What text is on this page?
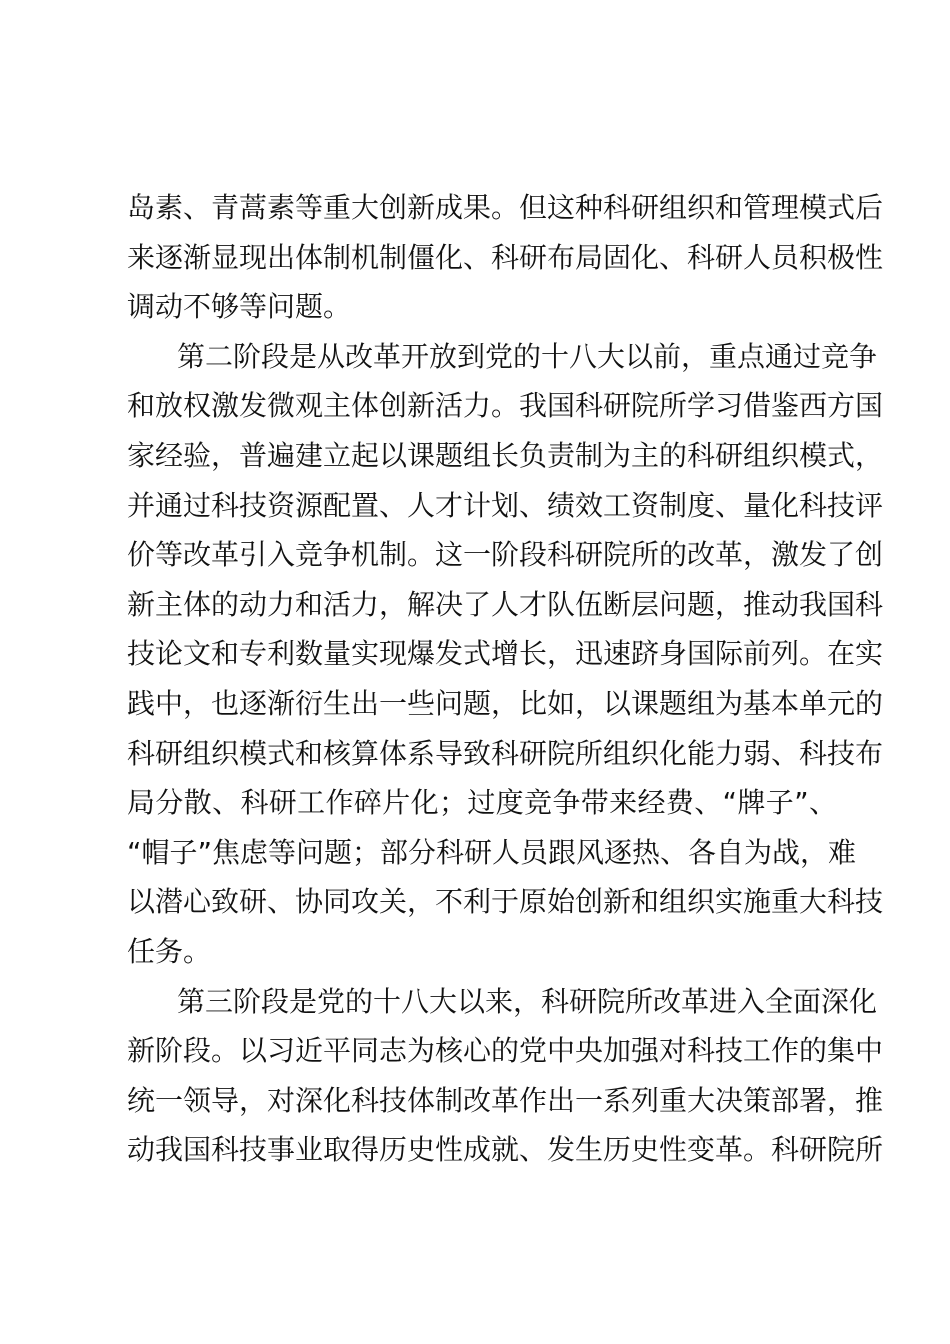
岛素、青蒿素等重大创新成果。但这种科研组织和管理模式后
来逐渐显现出体制机制僵化、科研布局固化、科研人员积极性
调动不够等问题。
第二阶段是从改革开放到党的十八大以前，重点通过竞争
和放权激发微观主体创新活力。我国科研院所学习借鉴西方国
家经验，普遍建立起以课题组长负责制为主的科研组织模式，
并通过科技资源配置、人才计划、绩效工资制度、量化科技评
价等改革引入竞争机制。这一阶段科研院所的改革，激发了创
新主体的动力和活力，解决了人才队伍断层问题，推动我国科
技论文和专利数量实现爆发式增长，迅速跻身国际前列。在实
践中，也逐渐衍生出一些问题，比如，以课题组为基本单元的
科研组织模式和核算体系导致科研院所组织化能力弱、科技布
局分散、科研工作碎片化；过度竞争带来经费、“牌子”、
“帽子”焦虑等问题；部分科研人员跟风逐热、各自为战，难
以潜心致研、协同攻关，不利于原始创新和组织实施重大科技
任务。
第三阶段是党的十八大以来，科研院所改革进入全面深化
新阶段。以习近平同志为核心的党中央加强对科技工作的集中
统一领导，对深化科技体制改革作出一系列重大决策部署，推
动我国科技事业取得历史性成就、发生历史性变革。科研院所
